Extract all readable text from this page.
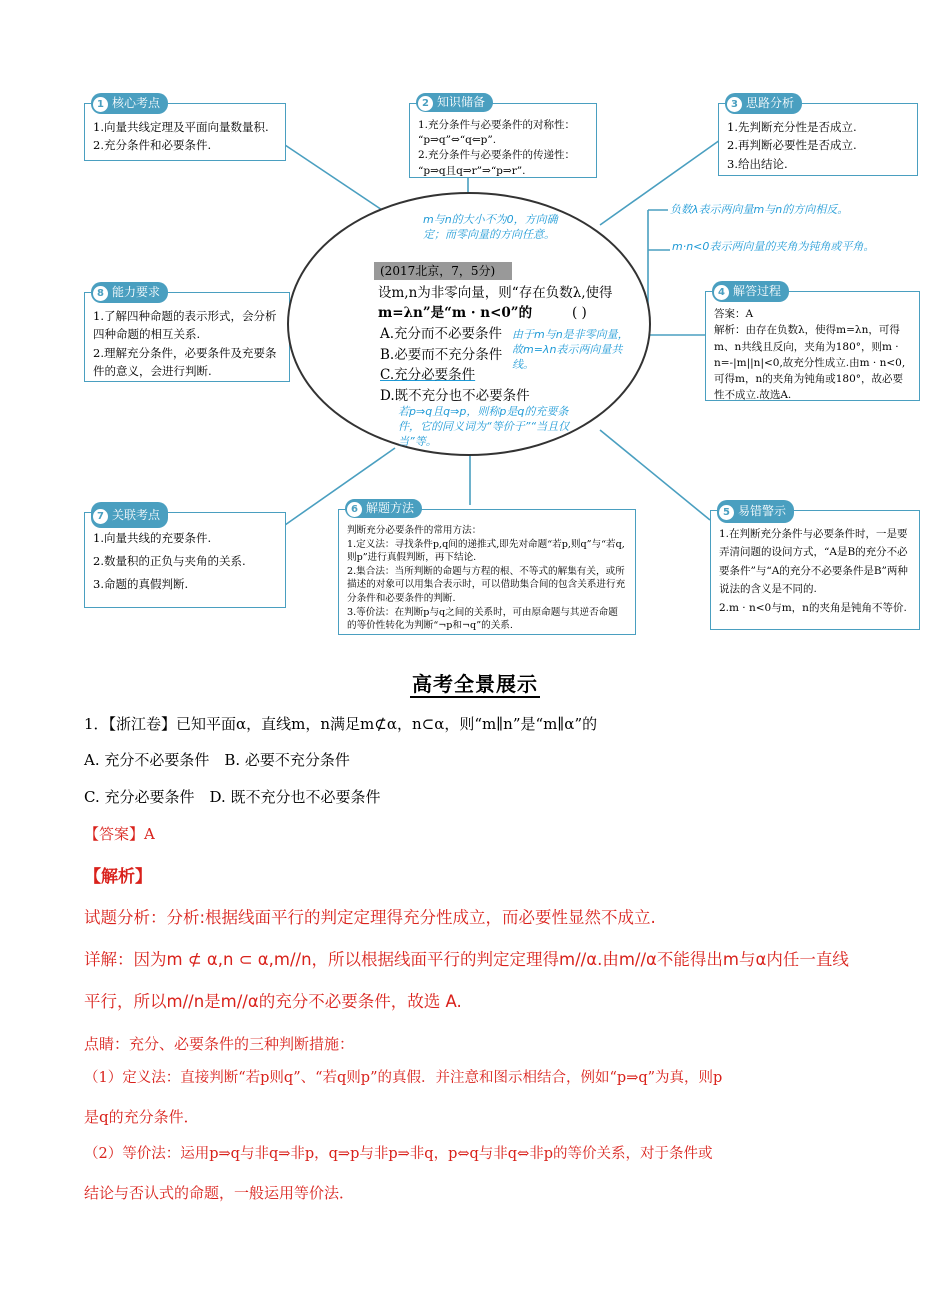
1 核心考点
1.向量共线定理及平面向量数量积.
2.充分条件和必要条件.
2 知识储备
1.充分条件与必要条件的对称性：
“p⇒q”⇔“q⇐p”.
2.充分条件与必要条件的传递性：
“p⇒q且q⇒r”⇒“p⇒r”.
3 思路分析
1.先判断充分性是否成立.
2.再判断必要性是否成立.
3.给出结论.
8 能力要求
1.了解四种命题的表示形式，会分析四种命题的相互关系.
2.理解充分条件，必要条件及充要条件的意义，会进行判断.
4 解答过程
答案：A
解析：由存在负数λ，使得m=λn，可得m、n共线且反向，夹角为180°，则m · n=-|m||n|<0,故充分性成立.由m · n<0,可得m，n的夹角为钝角或180°，故必要性不成立.故选A.
7 关联考点
1.向量共线的充要条件.
2.数量积的正负与夹角的关系.
3.命题的真假判断.
6 解题方法
判断充分必要条件的常用方法：
1.定义法：寻找条件p,q间的递推式,即先对命题“若p,则q”与“若q,则p”进行真假判断，再下结论.
2.集合法：当所判断的命题与方程的根、不等式的解集有关，或所描述的对象可以用集合表示时，可以借助集合间的包含关系进行充分条件和必要条件的判断.
3.等价法：在判断p与q之间的关系时，可由原命题与其逆否命题的等价性转化为判断“¬p和¬q”的关系.
5 易错警示
1.在判断充分条件与必要条件时，一是要弄清问题的设问方式，“A是B的充分不必要条件”与“A的充分不必要条件是B”两种说法的含义是不同的.
2.m · n<0与m，n的夹角是钝角不等价.
m与n的大小不为0，方向确定；而零向量的方向任意。
(2017北京，7，5分)
设m,n为非零向量，则“存在负数λ,使得
m=λn”是“m · n<0”的	( )
A.充分而不必要条件
B.必要而不充分条件
C.充分必要条件
D.既不充分也不必要条件
由于m与n是非零向量，故m=λn表示两向量共线。
若p⇒q且q⇒p，则称p是q的充要条件，它的同义词为“等价于”“当且仅当”等。
负数λ表示两向量m与n的方向相反。
m·n<0表示两向量的夹角为钝角或平角。
高考全景展示
1．【浙江卷】已知平面α，直线m，n满足m⊄α，n⊂α，则“m∥n”是“m∥α”的
A. 充分不必要条件　B. 必要不充分条件
C. 充分必要条件　D. 既不充分也不必要条件
【答案】A
【解析】
试题分析：分析:根据线面平行的判定定理得充分性成立，而必要性显然不成立.
详解：因为m ⊄ α,n ⊂ α,m//n，所以根据线面平行的判定定理得m//α.由m//α不能得出m与α内任一直线
平行，所以m//n是m//α的充分不必要条件，故选 A.
点睛：充分、必要条件的三种判断措施：
（1）定义法：直接判断“若p则q”、“若q则p”的真假．并注意和图示相结合，例如“p⇒q”为真，则p
是q的充分条件．
（2）等价法：运用p⇒q与非q⇒非p，q⇒p与非p⇒非q，p⇔q与非q⇔非p的等价关系，对于条件或
结论与否认式的命题，一般运用等价法．
